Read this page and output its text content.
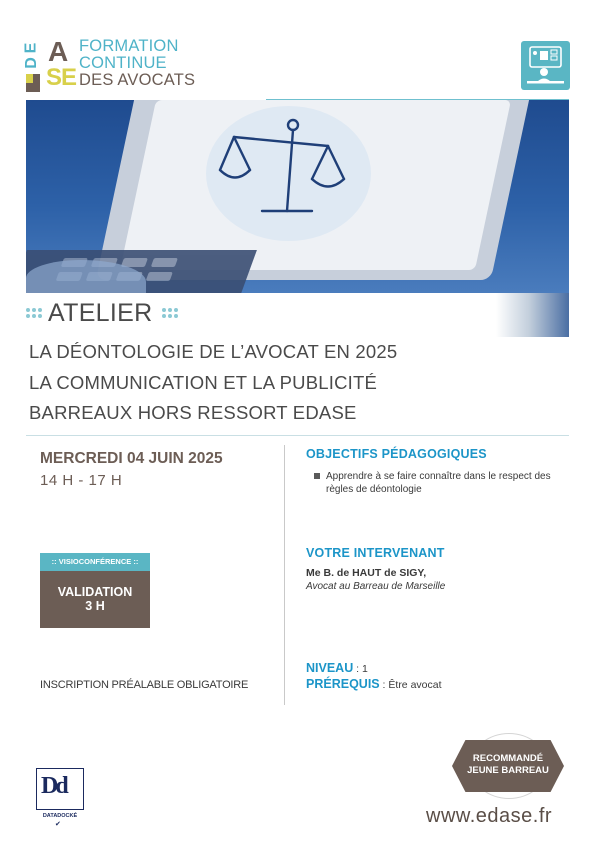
E
D A
SE
FORMATION
CONTINUE
DES AVOCATS
ATELIER
LA DÉONTOLOGIE DE L’AVOCAT EN 2025
LA COMMUNICATION ET LA PUBLICITÉ
BARREAUX HORS RESSORT EDASE
MERCREDI 04 JUIN 2025
14 H - 17 H
:: VISIOCONFÉRENCE ::
VALIDATION
3 H
INSCRIPTION PRÉALABLE OBLIGATOIRE
OBJECTIFS PÉDAGOGIQUES
Apprendre à se faire connaître dans le respect des règles de déontologie
VOTRE INTERVENANT
Me B. de HAUT de SIGY,
Avocat au Barreau de Marseille
NIVEAU : 1
PRÉREQUIS : Être avocat
Dd
DATADOCKÉ
✔
RECOMMANDÉ
JEUNE BARREAU
www.edase.fr
